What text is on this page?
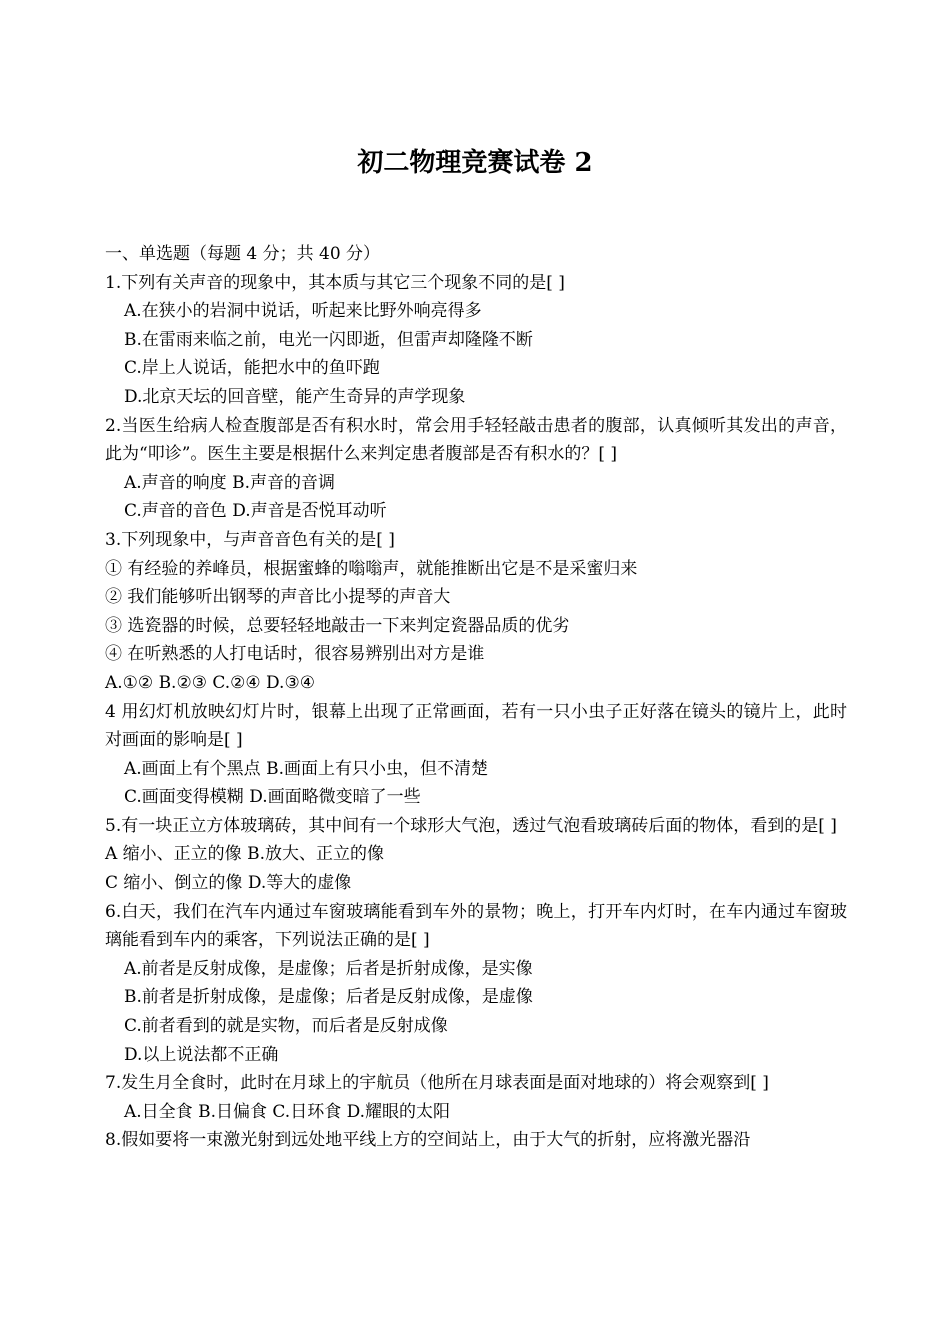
初二物理竞赛试卷 2
一、单选题（每题 4 分；共 40 分）
1.下列有关声音的现象中，其本质与其它三个现象不同的是[ ]
A.在狭小的岩洞中说话，听起来比野外响亮得多
B.在雷雨来临之前，电光一闪即逝，但雷声却隆隆不断
C.岸上人说话，能把水中的鱼吓跑
D.北京天坛的回音壁，能产生奇异的声学现象
2.当医生给病人检查腹部是否有积水时，常会用手轻轻敲击患者的腹部，认真倾听其发出的声音，此为“叩诊”。医生主要是根据什么来判定患者腹部是否有积水的？[ ]
A.声音的响度 B.声音的音调
C.声音的音色 D.声音是否悦耳动听
3.下列现象中，与声音音色有关的是[ ]
① 有经验的养峰员，根据蜜蜂的嗡嗡声，就能推断出它是不是采蜜归来
② 我们能够听出钢琴的声音比小提琴的声音大
③ 选瓷器的时候，总要轻轻地敲击一下来判定瓷器品质的优劣
④ 在听熟悉的人打电话时，很容易辨别出对方是谁
A.①② B.②③ C.②④ D.③④
4 用幻灯机放映幻灯片时，银幕上出现了正常画面，若有一只小虫子正好落在镜头的镜片上，此时对画面的影响是[ ]
A.画面上有个黑点 B.画面上有只小虫，但不清楚
C.画面变得模糊 D.画面略微变暗了一些
5.有一块正立方体玻璃砖，其中间有一个球形大气泡，透过气泡看玻璃砖后面的物体，看到的是[ ]
A 缩小、正立的像 B.放大、正立的像
C 缩小、倒立的像 D.等大的虚像
6.白天，我们在汽车内通过车窗玻璃能看到车外的景物；晚上，打开车内灯时，在车内通过车窗玻璃能看到车内的乘客，下列说法正确的是[ ]
A.前者是反射成像，是虚像；后者是折射成像，是实像
B.前者是折射成像，是虚像；后者是反射成像，是虚像
C.前者看到的就是实物，而后者是反射成像
D.以上说法都不正确
7.发生月全食时，此时在月球上的宇航员（他所在月球表面是面对地球的）将会观察到[ ]
A.日全食 B.日偏食 C.日环食 D.耀眼的太阳
8.假如要将一束激光射到远处地平线上方的空间站上，由于大气的折射，应将激光器沿
